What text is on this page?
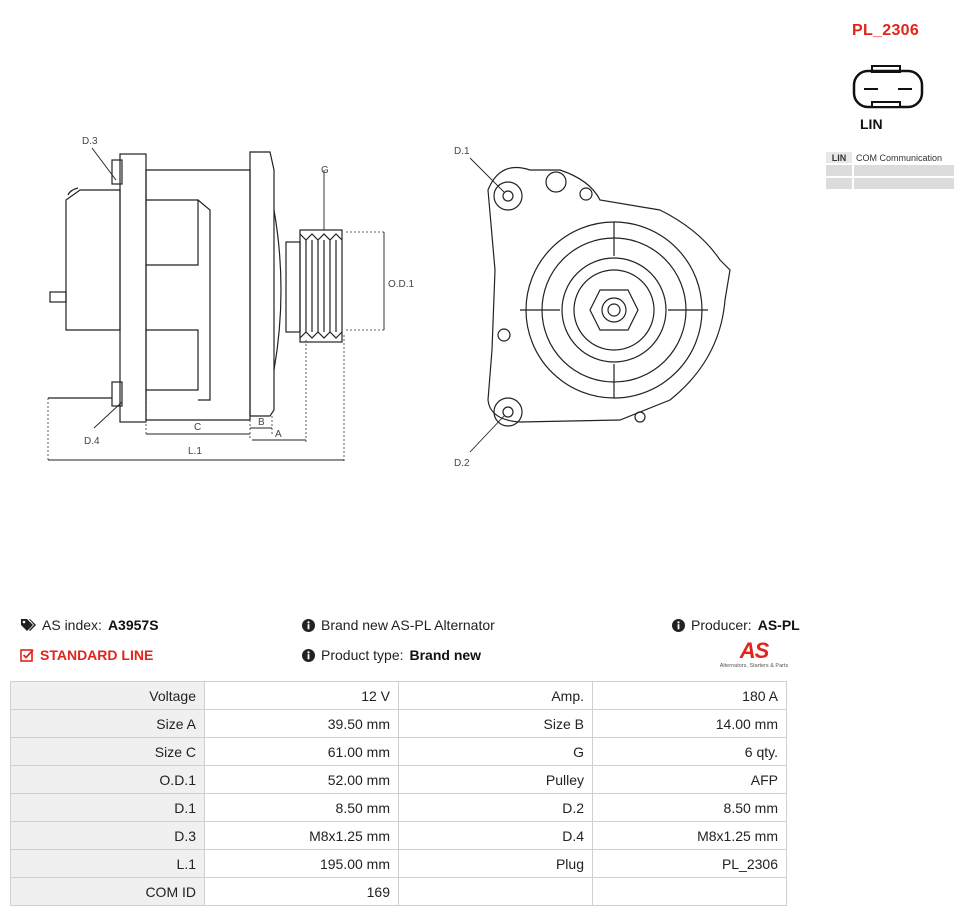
D.3
D.4
G
O.D.1
C	B
A
L.1
D.1
D.2
PL_2306
LIN
LIN	COM Communication

AS index: A3957S
STANDARD LINE
Brand new AS-PL Alternator
Product type: Brand new
Producer: AS-PL
AS
Alternators, Starters & Parts
Voltage	12 V	Amp.	180 A
Size A	39.50 mm	Size B	14.00 mm
Size C	61.00 mm	G	6 qty.
O.D.1	52.00 mm	Pulley	AFP
D.1	8.50 mm	D.2	8.50 mm
D.3	M8x1.25 mm	D.4	M8x1.25 mm
L.1	195.00 mm	Plug	PL_2306
COM ID	169		
